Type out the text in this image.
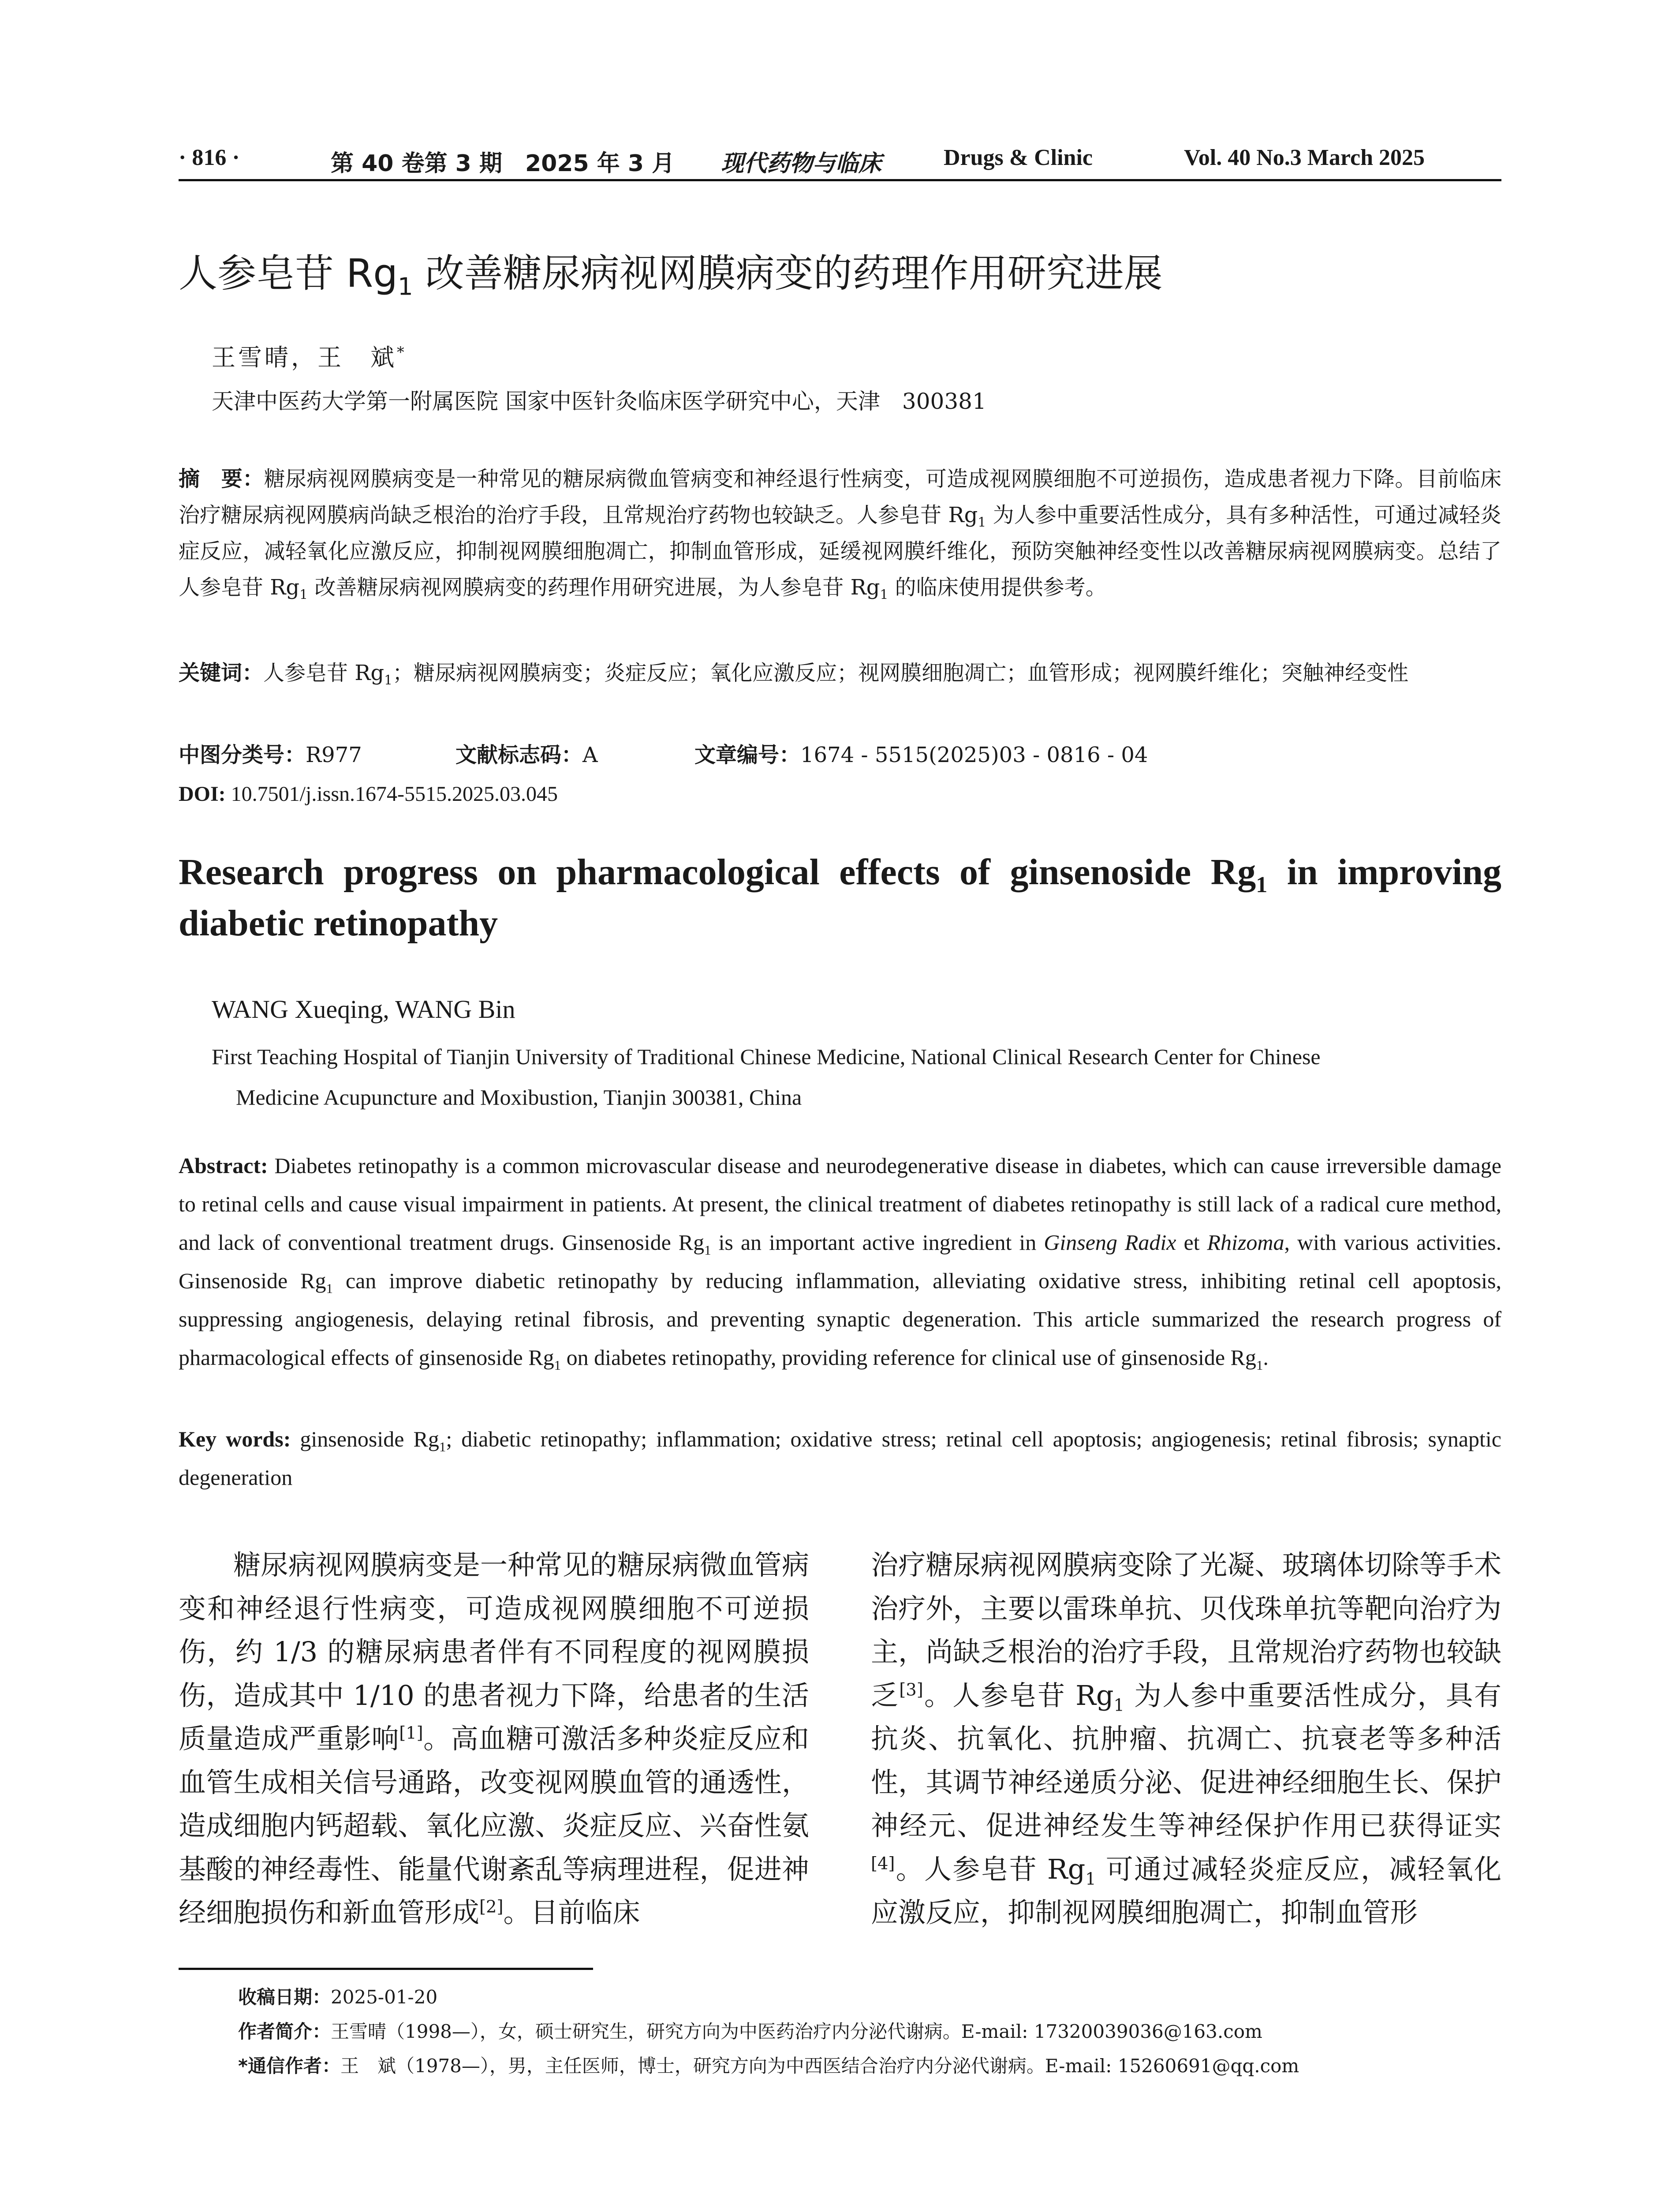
· 816 ·	第 40 卷第 3 期　2025 年 3 月 现代药物与临床	Drugs & Clinic	Vol. 40 No.3 March 2025
人参皂苷 $Rg_1$ 改善糖尿病视网膜病变的药理作用研究进展
王雪晴，王　斌*
天津中医药大学第一附属医院 国家中医针灸临床医学研究中心，天津　300381
摘　要：糖尿病视网膜病变是一种常见的糖尿病微血管病变和神经退行性病变，可造成视网膜细胞不可逆损伤，造成患者视力下降。目前临床治疗糖尿病视网膜病尚缺乏根治的治疗手段，且常规治疗药物也较缺乏。人参皂苷 $Rg_1$ 为人参中重要活性成分，具有多种活性，可通过减轻炎症反应，减轻氧化应激反应，抑制视网膜细胞凋亡，抑制血管形成，延缓视网膜纤维化，预防突触神经变性以改善糖尿病视网膜病变。总结了人参皂苷 $Rg_1$ 改善糖尿病视网膜病变的药理作用研究进展，为人参皂苷 $Rg_1$ 的临床使用提供参考。
关键词：人参皂苷 $Rg_1$；糖尿病视网膜病变；炎症反应；氧化应激反应；视网膜细胞凋亡；血管形成；视网膜纤维化；突触神经变性
中图分类号：R977	文献标志码：A	文章编号：1674 - 5515(2025)03 - 0816 - 04
DOI: 10.7501/j.issn.1674-5515.2025.03.045
Research progress on pharmacological effects of ginsenoside $Rg_1$ in improving diabetic retinopathy
WANG Xueqing, WANG Bin
First Teaching Hospital of Tianjin University of Traditional Chinese Medicine, National Clinical Research Center for Chinese
Medicine Acupuncture and Moxibustion, Tianjin 300381, China
Abstract: Diabetes retinopathy is a common microvascular disease and neurodegenerative disease in diabetes, which can cause irreversible damage to retinal cells and cause visual impairment in patients. At present, the clinical treatment of diabetes retinopathy is still lack of a radical cure method, and lack of conventional treatment drugs. Ginsenoside $Rg_1$ is an important active ingredient in Ginseng Radix et Rhizoma, with various activities. Ginsenoside $Rg_1$ can improve diabetic retinopathy by reducing inflammation, alleviating oxidative stress, inhibiting retinal cell apoptosis, suppressing angiogenesis, delaying retinal fibrosis, and preventing synaptic degeneration. This article summarized the research progress of pharmacological effects of ginsenoside $Rg_1$ on diabetes retinopathy, providing reference for clinical use of ginsenoside $Rg_1$.
Key words: ginsenoside $Rg_1$; diabetic retinopathy; inflammation; oxidative stress; retinal cell apoptosis; angiogenesis; retinal fibrosis; synaptic degeneration
糖尿病视网膜病变是一种常见的糖尿病微血管病变和神经退行性病变，可造成视网膜细胞不可逆损伤，约 1/3 的糖尿病患者伴有不同程度的视网膜损伤，造成其中 1/10 的患者视力下降，给患者的生活质量造成严重影响[1]。高血糖可激活多种炎症反应和血管生成相关信号通路，改变视网膜血管的通透性，造成细胞内钙超载、氧化应激、炎症反应、兴奋性氨基酸的神经毒性、能量代谢紊乱等病理进程，促进神经细胞损伤和新血管形成[2]。目前临床
治疗糖尿病视网膜病变除了光凝、玻璃体切除等手术治疗外，主要以雷珠单抗、贝伐珠单抗等靶向治疗为主，尚缺乏根治的治疗手段，且常规治疗药物也较缺乏[3]。人参皂苷 $Rg_1$ 为人参中重要活性成分，具有抗炎、抗氧化、抗肿瘤、抗凋亡、抗衰老等多种活性，其调节神经递质分泌、促进神经细胞生长、保护神经元、促进神经发生等神经保护作用已获得证实[4]。人参皂苷 $Rg_1$ 可通过减轻炎症反应，减轻氧化应激反应，抑制视网膜细胞凋亡，抑制血管形
收稿日期：2025-01-20
作者简介：王雪晴（1998—），女，硕士研究生，研究方向为中医药治疗内分泌代谢病。E-mail: 17320039036@163.com
*通信作者：王　斌（1978—），男，主任医师，博士，研究方向为中西医结合治疗内分泌代谢病。E-mail: 15260691@qq.com
